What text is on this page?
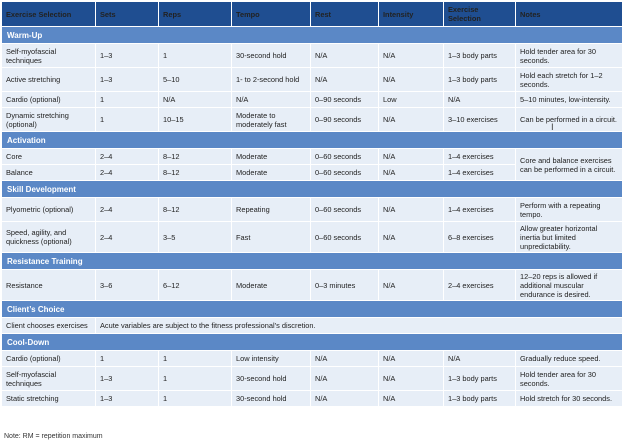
Exercise Selection	Sets	Reps	Tempo	Rest	Intensity	Exercise Selection	Notes
Warm-Up							
Self-myofascial techniques	1–3	1	30-second hold	N/A	N/A	1–3 body parts	Hold tender area for 30 seconds.
Active stretching	1–3	5–10	1- to 2-second hold	N/A	N/A	1–3 body parts	Hold each stretch for 1–2 seconds.
Cardio (optional)	1	N/A	N/A	0–90 seconds	Low	N/A	5–10 minutes, low-intensity.
Dynamic stretching (optional)	1	10–15	Moderate to moderately fast	0–90 seconds	N/A	3–10 exercises	Can be performed in a circuit.
Activation							
Core	2–4	8–12	Moderate	0–60 seconds	N/A	1–4 exercises	Core and balance exercises can be performed in a circuit.
Balance	2–4	8–12	Moderate	0–60 seconds	N/A	1–4 exercises	
Skill Development							
Plyometric (optional)	2–4	8–12	Repeating	0–60 seconds	N/A	1–4 exercises	Perform with a repeating tempo.
Speed, agility, and quickness (optional)	2–4	3–5	Fast	0–60 seconds	N/A	6–8 exercises	Allow greater horizontal inertia but limited unpredictability.
Resistance Training							
Resistance	3–6	6–12	Moderate	0–3 minutes	N/A	2–4 exercises	12–20 reps is allowed if additional muscular endurance is desired.
Client’s Choice							
Client chooses exercises	Acute variables are subject to the fitness professional’s discretion.						
Cool-Down							
Cardio (optional)	1	1	Low intensity	N/A	N/A	N/A	Gradually reduce speed.
Self-myofascial techniques	1–3	1	30-second hold	N/A	N/A	1–3 body parts	Hold tender area for 30 seconds.
Static stretching	1–3	1	30-second hold	N/A	N/A	1–3 body parts	Hold stretch for 30 seconds.
Note: RM = repetition maximum
I
